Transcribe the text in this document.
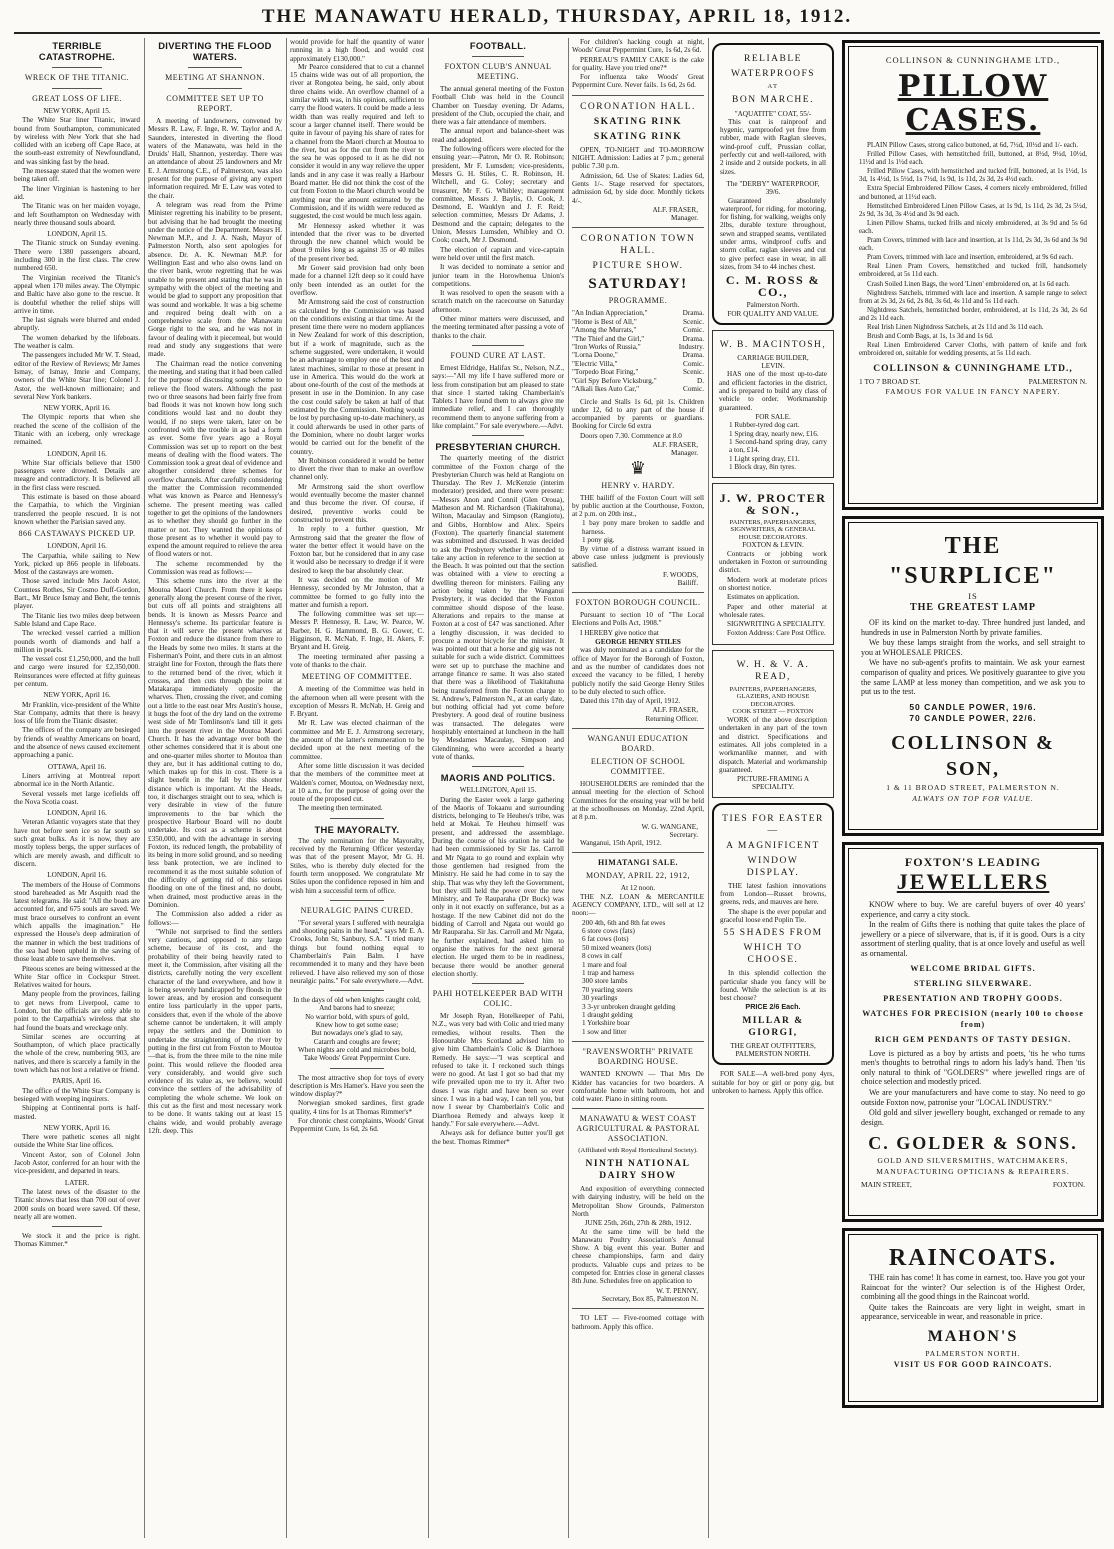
THE MANAWATU HERALD, THURSDAY, APRIL 18, 1912.
TERRIBLE CATASTROPHE.
WRECK OF THE TITANIC.
GREAT LOSS OF LIFE.
NEW YORK, April 15.

The White Star liner Titanic, inward bound from Southampton, communicated by wireless with New York that she had collided with an iceberg off Cape Race, at the south-east extremity of Newfoundland, and was sinking fast by the head.

The message stated that the women were being taken off.

The liner Virginian is hastening to her aid.

The Titanic was on her maiden voyage, and left Southampton on Wednesday with nearly three thousand souls aboard.

LONDON, April 15.

The Titanic struck on Sunday evening. There were 1380 passengers aboard, including 300 in the first class. The crew numbered 650.

The Virginian received the Titanic's appeal when 170 miles away. The Olympic and Baltic have also gone to the rescue. It is doubtful whether the relief ships will arrive in time.

The last signals were blurred and ended abruptly.

The women debarked by the lifeboats. The weather is calm.

The passengers included Mr W. T. Stead, editor of the Review of Reviews; Mr James Ismay, of Ismay, Imrie and Company, owners of the White Star line; Colonel J. Astor, the well-known millionaire; and several New York bankers.

NEW YORK, April 16.

The Olympic reports that when she reached the scene of the collision of the Titanic with an iceberg, only wreckage remained.

LONDON, April 16.

White Star officials believe that 1500 passengers were drowned. Details are meagre and contradictory. It is believed all in the first class were rescued.

This estimate is based on those aboard the Carpathia, to which the Virginian transferred the people rescued. It is not known whether the Parisian saved any.

866 CASTAWAYS PICKED UP.
LONDON, April 16.

The Carpathia, while sailing to New York, picked up 866 people in lifeboats. Most of the castaways are women.

Those saved include Mrs Jacob Astor, Countess Rothes, Sir Cosmo Duff-Gordon, Bart., Mr Bruce Ismay and Behr, the tennis player.

The Titanic lies two miles deep between Sable Island and Cape Race.

The wrecked vessel carried a million pounds worth of diamonds and half a million in pearls.

The vessel cost £1,250,000, and the hull and cargo were insured for £2,350,000. Reinsurances were effected at fifty guineas per centum.

NEW YORK, April 16.

Mr Franklin, vice-president of the White Star Company, admits that there is heavy loss of life from the Titanic disaster.

The offices of the company are besieged by friends of wealthy Americans on board, and the absence of news caused excitement approaching a panic.

OTTAWA, April 16.

Liners arriving at Montreal report abnormal ice in the North Atlantic.

Several vessels met large icefields off the Nova Scotia coast.

LONDON, April 16.

Veteran Atlantic voyagers state that they have not before seen ice so far south so such great bulks. As it is now, they are mostly topless bergs, the upper surfaces of which are merely awash, and difficult to discern.

LONDON, April 16.

The members of the House of Commons stood bareheaded as Mr Asquith read the latest telegrams. He said: "All the boats are accounted for, and 675 souls are saved. We must brace ourselves to confront an event which appalls the imagination." He expressed the House's deep admiration of the manner in which the best traditions of the sea had been upheld in the saving of those least able to save themselves.

Piteous scenes are being witnessed at the White Star office in Cockspur Street. Relatives waited for hours.

Many people from the provinces, failing to get news from Liverpool, came to London, but the officials are only able to point to the Carpathia's wireless that she had found the boats and wreckage only.

Similar scenes are occurring at Southampton, of which place practically the whole of the crew, numbering 903, are natives, and there is scarcely a family in the town which has not lost a relative or friend.

PARIS, April 16.

The office of the White Star Company is besieged with weeping inquirers.

Shipping at Continental ports is half-masted.

NEW YORK, April 16.

There were pathetic scenes all night outside the White Star line offices.

Vincent Astor, son of Colonel John Jacob Astor, conferred for an hour with the vice-president, and departed in tears.

LATER.

The latest news of the disaster to the Titanic shows that less than 700 out of over 2000 souls on board were saved. Of these, nearly all are women.

We stock it and the price is right. Thomas Kimmer.*

DIVERTING THE FLOOD WATERS.
MEETING AT SHANNON.
COMMITTEE SET UP TO REPORT.

A meeting of landowners, convened by Messrs R. Law, F. Inge, R. W. Taylor and A. Saunders, interested in diverting the flood waters of the Manawatu, was held in the Druids' Hall, Shannon, yesterday. There was an attendance of about 25 landowners and Mr E. J. Armstrong C.E., of Palmerston, was also present for the purpose of giving any expert information required. Mr E. Law was voted to the chair.

A telegram was read from the Prime Minister regretting his inability to be present, but advising that he had brought the meeting under the notice of the Department. Messrs H. Newman M.P., and J. A. Nash, Mayor of Palmerston North, also sent apologies for absence. Dr. A. K. Newman M.P. for Wellington East and who also owns land on the river bank, wrote regretting that he was unable to be present and stating that he was in sympathy with the object of the meeting and would be glad to support any proposition that was sound and workable. It was a big scheme and required being dealt with on a comprehensive scale from the Manawatu Gorge right to the sea, and he was not in favour of dealing with it piecemeal, but would read and study any suggestions that were made.

The Chairman read the notice convening the meeting, and stating that it had been called for the purpose of discussing some scheme to relieve the flood waters. Although the past two or three seasons had been fairly free from bad floods it was not known how long such conditions would last and no doubt they would, if no steps were taken, later on be confronted with the trouble in as bad a form as ever. Some five years ago a Royal Commission was set up to report on the best means of dealing with the flood waters. The Commission took a great deal of evidence and altogether considered three schemes for overflow channels. After carefully considering the matter the Commission recommended what was known as Pearce and Hennessy's scheme. The present meeting was called together to get the opinions of the landowners as to whether they should go further in the matter or not. They wanted the opinions of those present as to whether it would pay to expend the amount required to relieve the area of flood waters or not.

The scheme recommended by the Commission was read as follows:—

This scheme runs into the river at the Moutoa Maori Church. From there it keeps generally along the present course of the river, but cuts off all points and straightens all bends. It is known as Messrs Pearce and Hennessy's scheme. Its particular feature is that it will serve the present wharves at Foxton and reduce the distance from there to the Heads by some two miles. It starts at the Fisherman's Point, and there cuts in an almost straight line for Foxton, through the flats there to the returned bend of the river, which it crosses, and then cuts through the point at Matakarapa immediately opposite the wharves. Then, crossing the river, and coming out a little to the east near Mrs Austin's house, it hugs the foot of the dry land on the extreme west side of Mr Tomlinson's land till it gets into the present river in the Moutoa Maori Church. It has the advantage over both the other schemes considered that it is about one and one-quarter miles shorter to Moutoa than they are, but it has additional cutting to do, which makes up for this in cost. There is a slight benefit in the fall by this shorter distance which is important. At the Heads, too, it discharges straight out to sea, which is very desirable in view of the future improvements to the bar which the prospective Harbour Board will no doubt undertake. Its cost as a scheme is about £350,000, and with the advantage in serving Foxton, its reduced length, the probability of its being in more solid ground, and so needing less bank protection, we are inclined to recommend it as the most suitable solution of the difficulty of getting rid of this serious flooding on one of the finest and, no doubt, when drained, most productive areas in the Dominion.

The Commission also added a rider as follows:—

"While not surprised to find the settlers very cautious, and opposed to any large scheme, because of its cost, and the probability of their being heavily rated to meet it, the Commission, after visiting all the districts, carefully noting the very excellent character of the land everywhere, and how it is being severely handicapped by floods in the lower areas, and by erosion and consequent entire loss particularly in the upper parts, considers that, even if the whole of the above scheme cannot be undertaken, it will amply repay the settlers and the Dominion to undertake the straightening of the river by putting in the first cut from Foxton to Moutoa—that is, from the three mile to the nine mile point. This would relieve the flooded area very considerably, and would give such evidence of its value as, we believe, would convince the settlers of the advisability of completing the whole scheme. We look on this cut as the first and most necessary work to be done. It wants taking out at least 15 chains wide, and would probably average 12ft. deep. This

would provide for half the quantity of water running in a high flood, and would cost approximately £130,000."

Mr Pearce considered that to cut a channel 15 chains wide was out of all proportion, the river at Rongotea being, he said, only about three chains wide. An overflow channel of a similar width was, in his opinion, sufficient to carry the flood waters. It could be made a less width than was really required and left to scour a larger channel itself. There would be quite in favour of paying his share of rates for a channel from the Maori church at Moutoa to the river, but as for the cut from the river to the sea he was opposed to it as he did not consider it would in any way relieve the upper lands and in any case it was really a Harbour Board matter. He did not think the cost of the cut from Foxton to the Maori church would be anything near the amount estimated by the Commission, and if its width were reduced as suggested, the cost would be much less again.

Mr Hennessy asked whether it was intended that the river was to be diverted through the new channel which would be about 9 miles long as against 35 or 40 miles of the present river bed.

Mr Gower said provision had only been made for a channel 12ft deep so it could have only been intended as an outlet for the overflow.

Mr Armstrong said the cost of construction as calculated by the Commission was based on the conditions existing at that time. At the present time there were no modern appliances in New Zealand for work of this description, but if a work of magnitude, such as the scheme suggested, were undertaken, it would be an advantage to employ one of the best and latest machines, similar to those at present in use in America. This would do the work at about one-fourth of the cost of the methods at present in use in the Dominion. In any case the cost could safely be taken at half of that estimated by the Commission. Nothing would be lost by purchasing up-to-date machinery, as it could afterwards be used in other parts of the Dominion, where no doubt larger works would be carried out for the benefit of the country.

Mr Robinson considered it would be better to divert the river than to make an overflow channel only.

Mr Armstrong said the short overflow would eventually become the master channel and thus become the river. Of course, if desired, preventive works could be constructed to prevent this.

In reply to a further question, Mr Armstrong said that the greater the flow of water the better effect it would have on the Foxton bar, but he considered that in any case it would also be necessary to dredge if it were desired to keep the bar absolutely clear.

It was decided on the motion of Mr Hennessy, seconded by Mr Johnston, that a committee be formed to go fully into the matter and furnish a report.

The following committee was set up:—Messrs P. Hennessy, R. Law, W. Pearce, W. Barber, H. G. Hammond, B. G. Gower, C. Higginson, R. McNab, F. Inge, H. Akers, F. Bryant and H. Greig.

The meeting terminated after passing a vote of thanks to the chair.

MEETING OF COMMITTEE.

A meeting of the Committee was held in the afternoon when all were present with the exception of Messrs R. McNab, H. Greig and F. Bryant.

Mr R. Law was elected chairman of the committee and Mr E. J. Armstrong secretary, the amount of the latter's remuneration to be decided upon at the next meeting of the committee.

After some little discussion it was decided that the members of the committee meet at Walden's corner, Moutoa, on Wednesday next, at 10 a.m., for the purpose of going over the route of the proposed cut.

The meeting then terminated.

THE MAYORALTY.

The only nomination for the Mayoralty, received by the Returning Officer yesterday was that of the present Mayor, Mr G. H. Stiles, who is thereby duly elected for the fourth term unopposed. We congratulate Mr Stiles upon the confidence reposed in him and wish him a successful term of office.

NEURALGIC PAINS CURED.

"For several years I suffered with neuralgia and shooting pains in the head," says Mr E. A. Crooks, John St, Sanbury, S.A. "I tried many things but found nothing equal to Chamberlain's Pain Balm. I have recommended it to many and they have been relieved. I have also relieved my son of those neuralgic pains." For sale everywhere.—Advt.

In the days of old when knights caught cold,
And barons had to sneeze;
No warrior bold, with spurs of gold,
Knew how to get some ease;
But nowadays one's glad to say,
Catarrh and coughs are fewer;
When nights are cold and microbes bold,
Take Woods' Great Peppermint Cure.

The most attractive shop for toys of every description is Mrs Hamer's. Have you seen the window display?*

Norwegian smoked sardines, first grade quality, 4 tins for 1s at Thomas Rimmer's*

For chronic chest complaints, Woods' Great Peppermint Cure, 1s 6d, 2s 6d.

FOOTBALL.
FOXTON CLUB'S ANNUAL MEETING.

The annual general meeting of the Foxton Football Club was held in the Council Chamber on Tuesday evening. Dr Adams, president of the Club, occupied the chair, and there was a fair attendance of members.

The annual report and balance-sheet was read and adopted.

The following officers were elected for the ensuing year:—Patron, Mr O. R. Robinson; president, Mr F. Lumsden; vice-presidents, Messrs G. H. Stiles, C. R. Robinson, H. Witchell, and G. Coley; secretary and treasurer, Mr F. G. Whibley; management committee, Messrs J. Baylis, O. Cook, J. Desmond, E. Wauklyn and J. F. Reid; selection committee, Messrs Dr Adams, J. Desmond and the captain; delegates to the Union, Messrs Lumsden, Whibley and O. Cook; coach, Mr J. Desmond.

The election of captain and vice-captain were held over until the first match.

It was decided to nominate a senior and junior team in the Horowhenua Union's competitions.

It was resolved to open the season with a scratch match on the racecourse on Saturday afternoon.

Other minor matters were discussed, and the meeting terminated after passing a vote of thanks to the chair.

FOUND CURE AT LAST.

Ernest Eldridge, Halifax St., Nelson, N.Z., says:—"All my life I have suffered more or less from constipation but am pleased to state that since I started taking Chamberlain's Tablets I have found them to always give me immediate relief, and I can thoroughly recommend them to anyone suffering from a like complaint." For sale everywhere.—Advt.

PRESBYTERIAN CHURCH.

The quarterly meeting of the district committee of the Foxton charge of the Presbyterian Church was held at Rangiotu on Thursday. The Rev J. McKenzie (interim moderator) presided, and there were present:—Messrs Anon and Connil (Glen Oroua), Matheson and M. Richardson (Tiakitahuna), Wilton, Macaulay and Simpson (Rangiotu), and Gibbs, Hornblow and Alex. Speirs (Foxton). The quarterly financial statement was submitted and discussed. It was decided to ask the Presbytery whether it intended to take any action in reference to the section at the Beach. It was pointed out that the section was obtained with a view to erecting a dwelling thereon for ministers. Failing any action being taken by the Wanganui Presbytery, it was decided that the Foxton committee should dispose of the lease. Alterations and repairs to the manse at Foxton at a cost of £47 was sanctioned. After a lengthy discussion, it was decided to procure a motor bicycle for the minister. It was pointed out that a horse and gig was not suitable for such a wide district. Committees were set up to purchase the machine and arrange finance re same. It was also stated that there was a likelihood of Tiakitahuna being transferred from the Foxton charge to St. Andrew's, Palmerston N., at an early date, but nothing official had yet come before Presbytery. A good deal of routine business was transacted. The delegates were hospitably entertained at luncheon in the hall by Mesdames Macaulay, Simpson and Glendinning, who were accorded a hearty vote of thanks.

MAORIS AND POLITICS.
WELLINGTON, April 15.

During the Easter week a large gathering of the Maoris of Tokaanu and surrounding districts, belonging to Te Heuheu's tribe, was held at Mokai. Te Heuheu himself was present, and addressed the assemblage. During the course of his oration he said he had been commissioned by Sir Jas. Carroll and Mr Ngata to go round and explain why those gentlemen had resigned from the Ministry. He said he had come in to say the ship. That was why they left the Government, but they still held the power over the new Ministry, and Te Rauparaha (Dr Buck) was only in it not exactly on sufferance, but as a hostage. If the new Cabinet did not do the bidding of Carroll and Ngata out would go Mr Rauparaha. Sir Jas. Carroll and Mr Ngata, he further explained, had asked him to organise the natives for the next general election. He urged them to be in readiness, because there would be another general election shortly.

PAHI HOTELKEEPER BAD WITH COLIC.

Mr Joseph Ryan, Hotelkeeper of Pahi, N.Z., was very bad with Colic and tried many remedies, without results. Then the Honourable Mrs Scotland advised him to give him Chamberlain's Colic & Diarrhoea Remedy. He says:—"I was sceptical and refused to take it. I reckoned such things were no good. At last I got so bad that my wife prevailed upon me to try it. After two doses I was right and have been so ever since. I was in a bad way, I can tell you, but now I swear by Chamberlain's Colic and Diarrhoea Remedy and always keep it handy." For sale everywhere.—Advt.

Always ask for defiance butter you'll get the best. Thomas Rimmer*

For children's hacking cough at night, Woods' Great Peppermint Cure, 1s 6d, 2s 6d.

PERREAU'S FAMILY CAKE is the cake for quality. Have you tried one?*

For influenza take Woods' Great Peppermint Cure. Never fails. 1s 6d, 2s 6d.

CORONATION HALL.
SKATING RINK
SKATING RINK

OPEN, TO-NIGHT and TO-MORROW NIGHT. Admission: Ladies at 7 p.m.; general public 7.30 p.m.

Admission, 6d. Use of Skates: Ladies 6d, Gents 1/-. Stage reserved for spectators, admission 6d, by side door. Monthly tickets 4/-.

ALF. FRASER,
Manager.
CORONATION TOWN HALL.
PICTURE SHOW.
SATURDAY!
PROGRAMME.
"An Indian Appreciation,"	Drama.
"Home is Best of All,"	Scenic.
"Among the Murrats,"	Comic.
"The Thief and the Girl,"	Drama.
"Iron Works of Russia,"	Industry.
"Lorna Doone,"	Drama.
"Electric Villa,"	Comic.
"Torpedo Boat Firing,"	Scenic.
"Girl Spy Before Vicksburg,"	D.
"Alkali Ikes Auto Car,"	Comic.

Circle and Stalls 1s 6d, pit 1s. Children under 12, 6d to any part of the house if accompanied by parents or guardians. Booking for Circle 6d extra

Doors open 7.30. Commence at 8.0

ALF. FRASER,
Manager.
♛
HENRY v. HARDY.

THE bailiff of the Foxton Court will sell by public auction at the Courthouse, Foxton, at 2 p.m. on 20th inst.,

1 bay pony mare broken to saddle and harness.
1 pony gig.

By virtue of a distress warrant issued in above case unless judgment is previously satisfied.

F. WOODS,
Bailiff.
FOXTON BOROUGH COUNCIL.

Pursuant to section 10 of "The Local Elections and Polls Act, 1908."

I HEREBY give notice that

GEORGE HENRY STILES

was duly nominated as a candidate for the office of Mayor for the Borough of Foxton, and as the number of candidates does not exceed the vacancy to be filled, I hereby publicly notify the said George Henry Stiles to be duly elected to such office.

Dated this 17th day of April, 1912.

ALF. FRASER,
Returning Officer.
WANGANUI EDUCATION BOARD.
ELECTION OF SCHOOL COMMITTEE.

HOUSEHOLDERS are reminded that the annual meeting for the election of School Committees for the ensuing year will be held at the schoolhouses on Monday, 22nd April, at 8 p.m.

W. G. WANGANE,
Secretary.

Wanganui, 15th April, 1912.

HIMATANGI SALE.
MONDAY, APRIL 22, 1912,
At 12 noon.

THE N.Z. LOAN & MERCANTILE AGENCY COMPANY, LTD., will sell at 12 noon:—

200 4th, 6th and 8th fat ewes
6 store cows (fats)
6 fat cows (lots)
50 mixed weaners (lots)
8 cows in calf
1 mare and foal
1 trap and harness
300 store lambs
70 yearling steers
30 yearlings
3 3-yr unbroken draught gelding
1 draught gelding
1 Yorkshire boar
1 sow and litter
"RAVENSWORTH" PRIVATE BOARDING HOUSE.

WANTED KNOWN — That Mrs De Kidder has vacancies for two boarders. A comfortable home with bathroom, hot and cold water. Piano in sitting room.

MANAWATU & WEST COAST AGRICULTURAL & PASTORAL ASSOCIATION.
(Affiliated with Royal Horticultural Society).
NINTH NATIONAL DAIRY SHOW

And exposition of everything connected with dairying industry, will be held on the Metropolitan Show Grounds, Palmerston North

JUNE 25th, 26th, 27th & 28th, 1912.

At the same time will be held the Manawatu Poultry Association's Annual Show. A big event this year. Butter and cheese championships, farm and dairy products. Valuable cups and prizes to be competed for. Entries close in general classes 8th June. Schedules free on application to

W. T. PENNY,
Secretary, Box 85, Palmerston N.

TO LET — Five-roomed cottage with bathroom. Apply this office.

RELIABLE
WATERPROOFS
AT
BON MARCHE.
"AQUATITE" COAT, 55/-

This coat is rainproof and hygenic, yarnproofed yet free from rubber, made with Raglan sleeves, wind-proof cuff, Prussian collar, perfectly cut and well-tailored, with 2 inside and 2 outside pockets, in all sizes.

The "DERBY" WATERPROOF, 39/6.

Guaranteed absolutely waterproof, for riding, for motoring, for fishing, for walking, weighs only 2lbs, durable texture throughout, sewn and strapped seams, ventilated under arms, windproof cuffs and storm collar, raglan sleeves and cut to give perfect ease in wear, in all sizes, from 34 to 44 inches chest.

C. M. ROSS & CO.,
Palmerston North.
FOR QUALITY AND VALUE.
W. B. MACINTOSH,
CARRIAGE BUILDER,
LEVIN.

HAS one of the most up-to-date and efficient factories in the district, and is prepared to build any class of vehicle to order. Workmanship guaranteed.

FOR SALE.
1 Rubber-tyred dog cart.
1 Spring dray, nearly new, £16.
1 Second-hand spring dray, carry a ton, £14.
1 Light spring dray, £11.
1 Block dray, 8in tyres.
J. W. PROCTER & SON.,
PAINTERS, PAPERHANGERS, SIGNWRITERS, & GENERAL HOUSE DECORATORS.
FOXTON & LEVIN.

Contracts or jobbing work undertaken in Foxton or surrounding district.

Modern work at moderate prices on shortest notice.

Estimates on application.

Paper and other material at wholesale rates.

SIGNWRITING A SPECIALITY.

Foxton Address: Care Post Office.

W. H. & V. A. READ,
PAINTERS, PAPERHANGERS, GLAZIERS, AND HOUSE DECORATORS.
COOK STREET — FOXTON

WORK of the above description undertaken in any part of the town and district. Specifications and estimates. All jobs completed in a workmanlike manner, and with dispatch. Material and workmanship guaranteed.

PICTURE-FRAMING A SPECIALITY.
TIES FOR EASTER—
A MAGNIFICENT
WINDOW DISPLAY.

THE latest fashion innovations from London—Russet browns, greens, reds, and mauves are here.

The shape is the ever popular and graceful loose end Poplin Tie.

55 SHADES FROM
WHICH TO CHOOSE.

In this splendid collection the particular shade you fancy will be found. While the selection is at its best choose?

PRICE 2/6 Each.
MILLAR & GIORGI,
THE GREAT OUTFITTERS,
PALMERSTON NORTH.

FOR SALE—A well-bred pony 4yrs, suitable for boy or girl or pony gig, but unbroken to harness. Apply this office.

COLLINSON & CUNNINGHAME LTD.,
PILLOW CASES.

PLAIN Pillow Cases, strong calico buttoned, at 6d, 7½d, 10½d and 1/- each.

Frilled Pillow Cases, with hemstitched frill, buttoned, at 8½d, 9½d, 10½d, 11½d and 1s 1½d each.

Frilled Pillow Cases, with hemstitched and tucked frill, buttoned, at 1s 1½d, 1s 3d, 1s 4½d, 1s 5½d, 1s 7½d, 1s 9d, 1s 11d, 2s 3d, 2s 4½d each.

Extra Special Embroidered Pillow Cases, 4 corners nicely embroidered, frilled and buttoned, at 11½d each.

Hemstitched Embroidered Linen Pillow Cases, at 1s 9d, 1s 11d, 2s 3d, 2s 5½d, 2s 9d, 3s 3d, 3s 4½d and 3s 9d each.

Linen Pillow Shams, tucked frills and nicely embroidered, at 3s 9d and 5s 6d each.

Pram Covers, trimmed with lace and insertion, at 1s 11d, 2s 3d, 3s 6d and 3s 9d each.

Pram Covers, trimmed with lace and insertion, embroidered, at 9s 6d each.

Real Linen Pram Covers, hemstitched and tucked frill, handsomely embroidered, at 5s 11d each.

Crash Soiled Linen Bags, the word 'Linen' embroidered on, at 1s 6d each.

Nightdress Satchels, trimmed with lace and insertion. A sample range to select from at 2s 3d, 2s 6d, 2s 8d, 3s 6d, 4s 11d and 5s 11d each.

Nightdress Satchels, hemstitched border, embroidered, at 1s 11d, 2s 3d, 2s 6d and 2s 11d each.

Real Irish Linen Nightdress Satchels, at 2s 11d and 3s 11d each.

Brush and Comb Bags, at 1s, 1s 3d and 1s 6d.

Real Linen Embroidered Carver Cloths, with pattern of knife and fork embroidered on, suitable for wedding presents, at 5s 11d each.

COLLINSON & CUNNINGHAME LTD.,
1 TO 7 BROAD ST.	PALMERSTON N.
FAMOUS FOR VALUE IN FANCY NAPERY.
THE "SURPLICE"
IS
THE GREATEST LAMP

OF its kind on the market to-day. Three hundred just landed, and hundreds in use in Palmerston North by private families.

We buy these lamps straight from the works, and sell straight to you at WHOLESALE PRICES.

We have no sub-agent's profits to maintain. We ask your earnest comparison of quality and prices. We positively guarantee to give you the same LAMP at less money than competition, and we ask you to put us to the test.

50 CANDLE POWER, 19/6.
70 CANDLE POWER, 22/6.
COLLINSON & SON,
1 & 11 BROAD STREET, PALMERSTON N.
ALWAYS ON TOP FOR VALUE.
FOXTON'S LEADING
JEWELLERS

KNOW where to buy. We are careful buyers of over 40 years' experience, and carry a city stock.

In the realm of Gifts there is nothing that quite takes the place of jewellery or a piece of silverware, that is, if it is good. Ours is a city assortment of sterling quality, that is at once lovely and useful as well as ornamental.

WELCOME BRIDAL GIFTS.
STERLING SILVERWARE.
PRESENTATION AND TROPHY GOODS.
WATCHES FOR PRECISION (nearly 100 to choose from)
RICH GEM PENDANTS OF TASTY DESIGN.

Love is pictured as a boy by artists and poets, 'tis he who turns men's thoughts to betrothal rings to adorn his lady's hand. Then 'tis only natural to think of "GOLDERS'" where jewelled rings are of choice selection and modestly priced.

We are your manufacturers and have come to stay. No need to go outside Foxton now, patronise your "LOCAL INDUSTRY."

Old gold and silver jewellery bought, exchanged or remade to any design.

C. GOLDER & SONS.
GOLD AND SILVERSMITHS, WATCHMAKERS, MANUFACTURING OPTICIANS & REPAIRERS.
MAIN STREET,	FOXTON.
RAINCOATS.

THE rain has come! It has come in earnest, too. Have you got your Raincoat for the winter? Our selection is of the Highest Order, combining all the good things in the Raincoat world.

Quite takes the Raincoats are very light in weight, smart in appearance, serviceable in wear, and reasonable in price.

MAHON'S
PALMERSTON NORTH.
VISIT US FOR GOOD RAINCOATS.
